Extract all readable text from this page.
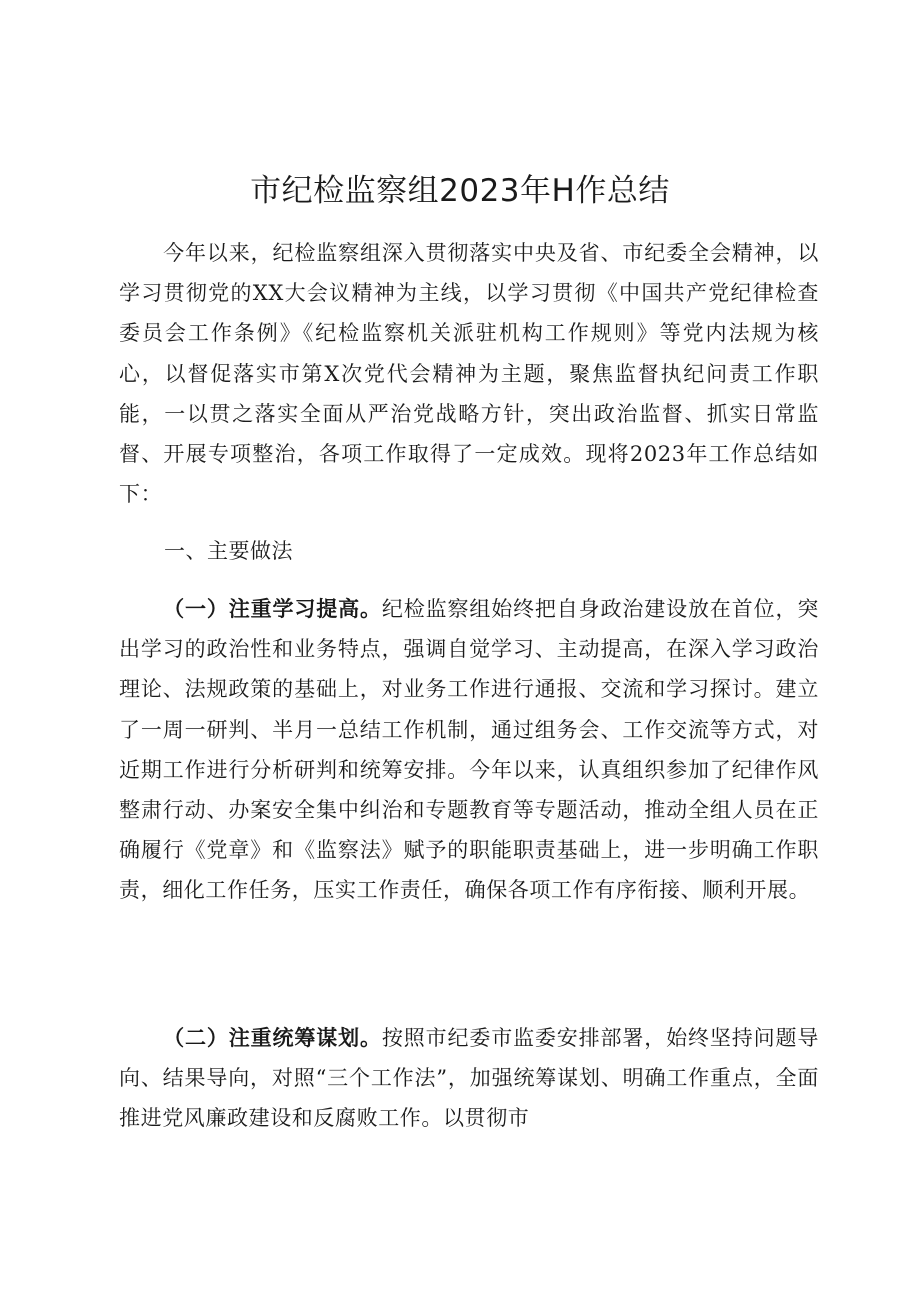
市纪检监察组2023年H作总结

今年以来，纪检监察组深入贯彻落实中央及省、市纪委全会精神，以学习贯彻党的XX大会议精神为主线，以学习贯彻《中国共产党纪律检查委员会工作条例》《纪检监察机关派驻机构工作规则》等党内法规为核心，以督促落实市第X次党代会精神为主题，聚焦监督执纪问责工作职能，一以贯之落实全面从严治党战略方针，突出政治监督、抓实日常监督、开展专项整治，各项工作取得了一定成效。现将2023年工作总结如下：

一、主要做法

（一）注重学习提高。纪检监察组始终把自身政治建设放在首位，突出学习的政治性和业务特点，强调自觉学习、主动提高，在深入学习政治理论、法规政策的基础上，对业务工作进行通报、交流和学习探讨。建立了一周一研判、半月一总结工作机制，通过组务会、工作交流等方式，对近期工作进行分析研判和统筹安排。今年以来，认真组织参加了纪律作风整肃行动、办案安全集中纠治和专题教育等专题活动，推动全组人员在正确履行《党章》和《监察法》赋予的职能职责基础上，进一步明确工作职责，细化工作任务，压实工作责任，确保各项工作有序衔接、顺利开展。

（二）注重统筹谋划。按照市纪委市监委安排部署，始终坚持问题导向、结果导向，对照“三个工作法”，加强统筹谋划、明确工作重点，全面推进党风廉政建设和反腐败工作。以贯彻市
